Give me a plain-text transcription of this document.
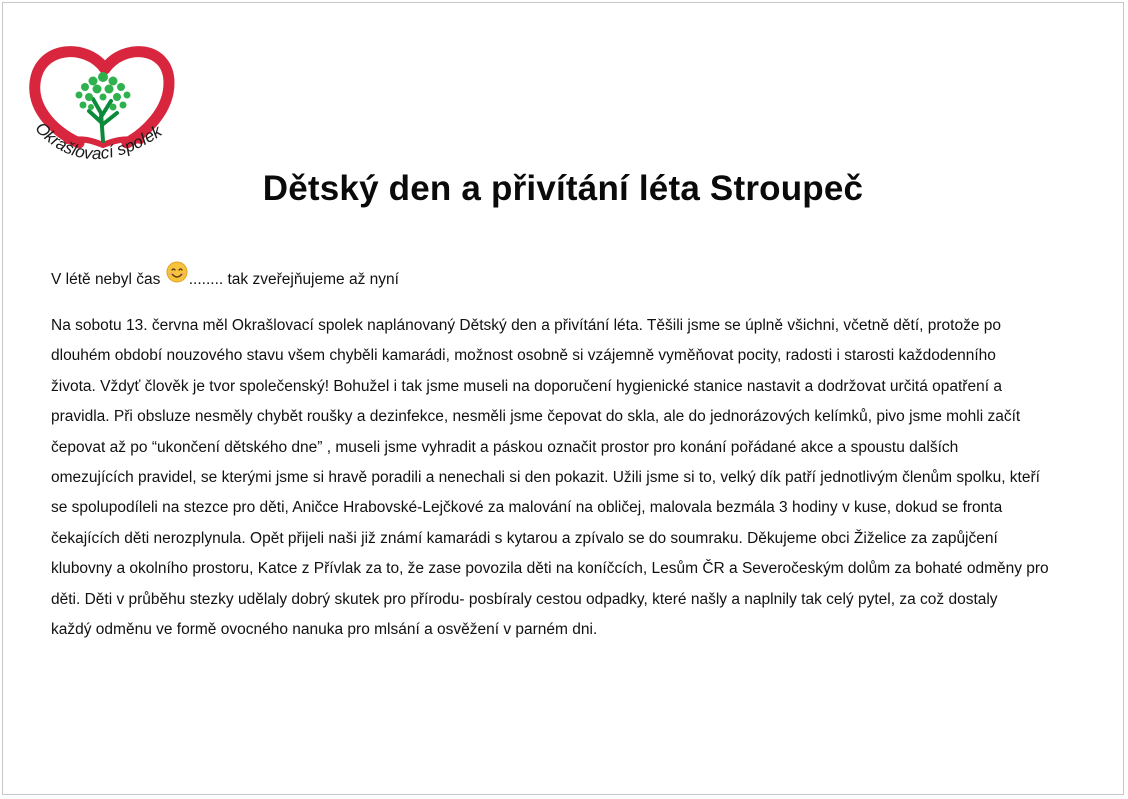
Okrašlovací spolek
Dětský den a přivítání léta Stroupeč
V létě nebyl čas ........ tak zveřejňujeme až nyní
Na sobotu 13. června měl Okrašlovací spolek naplánovaný Dětský den a přivítání léta. Těšili jsme se úplně všichni, včetně dětí, protože po
dlouhém období nouzového stavu všem chyběli kamarádi, možnost osobně si vzájemně vyměňovat pocity, radosti i starosti každodenního
života. Vždyť člověk je tvor společenský! Bohužel i tak jsme museli na doporučení hygienické stanice nastavit a dodržovat určitá opatření a
pravidla. Při obsluze nesměly chybět roušky a dezinfekce, nesměli jsme čepovat do skla, ale do jednorázových kelímků, pivo jsme mohli začít
čepovat až po “ukončení dětského dne” , museli jsme vyhradit a páskou označit prostor pro konání pořádané akce a spoustu dalších
omezujících pravidel, se kterými jsme si hravě poradili a nenechali si den pokazit. Užili jsme si to, velký dík patří jednotlivým členům spolku, kteří
se spolupodíleli na stezce pro děti, Aničce Hrabovské-Lejčkové za malování na obličej, malovala bezmála 3 hodiny v kuse, dokud se fronta
čekajících děti nerozplynula. Opět přijeli naši již známí kamarádi s kytarou a zpívalo se do soumraku. Děkujeme obci Žiželice za zapůjčení
klubovny a okolního prostoru, Katce z Přívlak za to, že zase povozila děti na koníčcích, Lesům ČR a Severočeským dolům za bohaté odměny pro
děti. Děti v průběhu stezky udělaly dobrý skutek pro přírodu- posbíraly cestou odpadky, které našly a naplnily tak celý pytel, za což dostaly
každý odměnu ve formě ovocného nanuka pro mlsání a osvěžení v parném dni.
